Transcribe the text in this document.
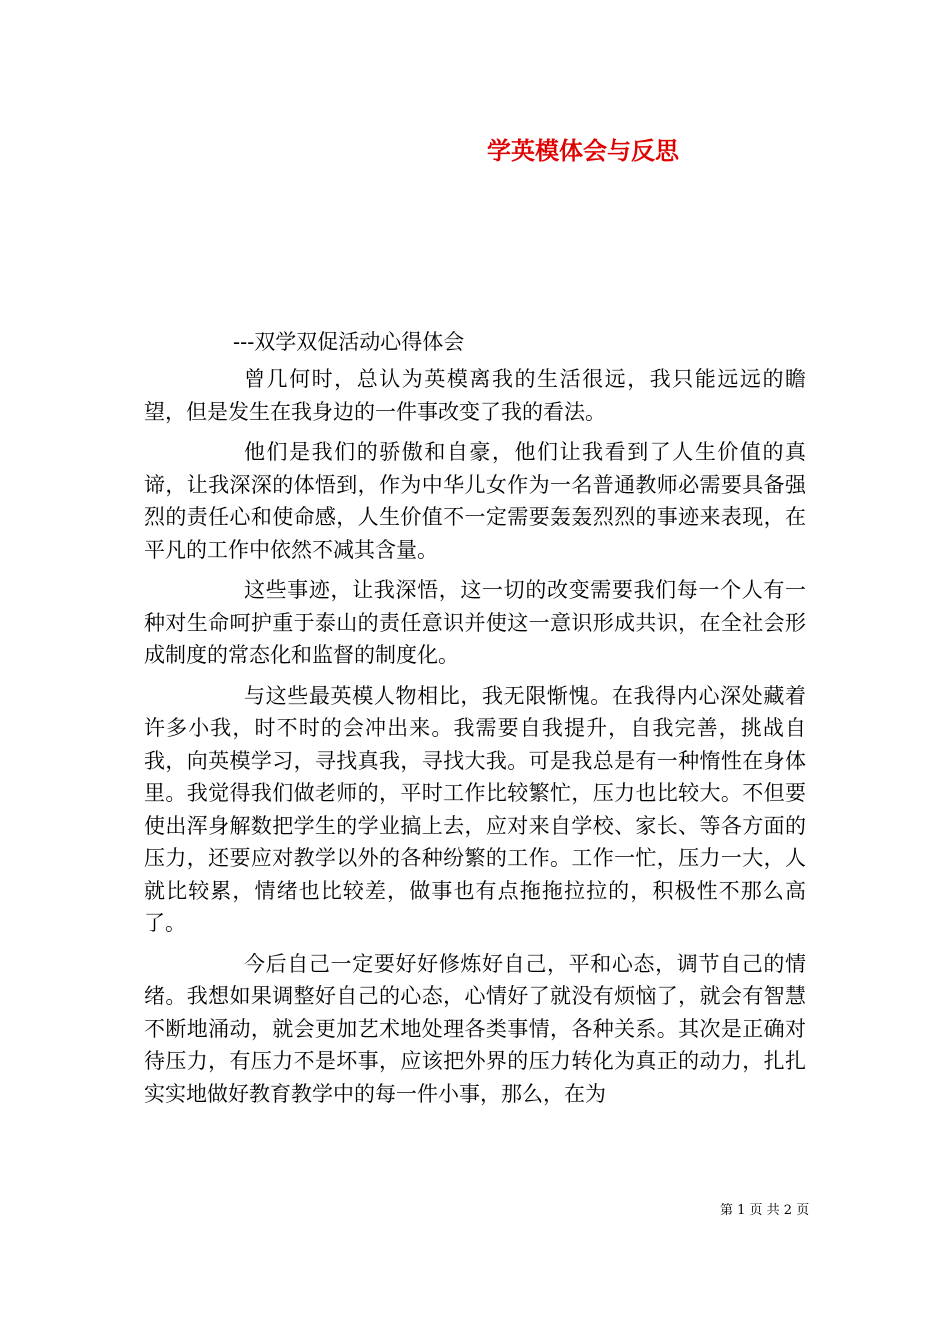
学英模体会与反思
---双学双促活动心得体会

曾几何时，总认为英模离我的生活很远，我只能远远的瞻望，但是发生在我身边的一件事改变了我的看法。

他们是我们的骄傲和自豪，他们让我看到了人生价值的真谛，让我深深的体悟到，作为中华儿女作为一名普通教师必需要具备强烈的责任心和使命感，人生价值不一定需要轰轰烈烈的事迹来表现，在平凡的工作中依然不减其含量。

这些事迹，让我深悟，这一切的改变需要我们每一个人有一种对生命呵护重于泰山的责任意识并使这一意识形成共识，在全社会形成制度的常态化和监督的制度化。

与这些最英模人物相比，我无限惭愧。在我得内心深处藏着许多小我，时不时的会冲出来。我需要自我提升，自我完善，挑战自我，向英模学习，寻找真我，寻找大我。可是我总是有一种惰性在身体里。我觉得我们做老师的，平时工作比较繁忙，压力也比较大。不但要使出浑身解数把学生的学业搞上去，应对来自学校、家长、等各方面的压力，还要应对教学以外的各种纷繁的工作。工作一忙，压力一大，人就比较累，情绪也比较差，做事也有点拖拖拉拉的，积极性不那么高了。

今后自己一定要好好修炼好自己，平和心态，调节自己的情绪。我想如果调整好自己的心态，心情好了就没有烦恼了，就会有智慧不断地涌动，就会更加艺术地处理各类事情，各种关系。其次是正确对待压力，有压力不是坏事，应该把外界的压力转化为真正的动力，扎扎实实地做好教育教学中的每一件小事，那么，在为

第 1 页 共 2 页
